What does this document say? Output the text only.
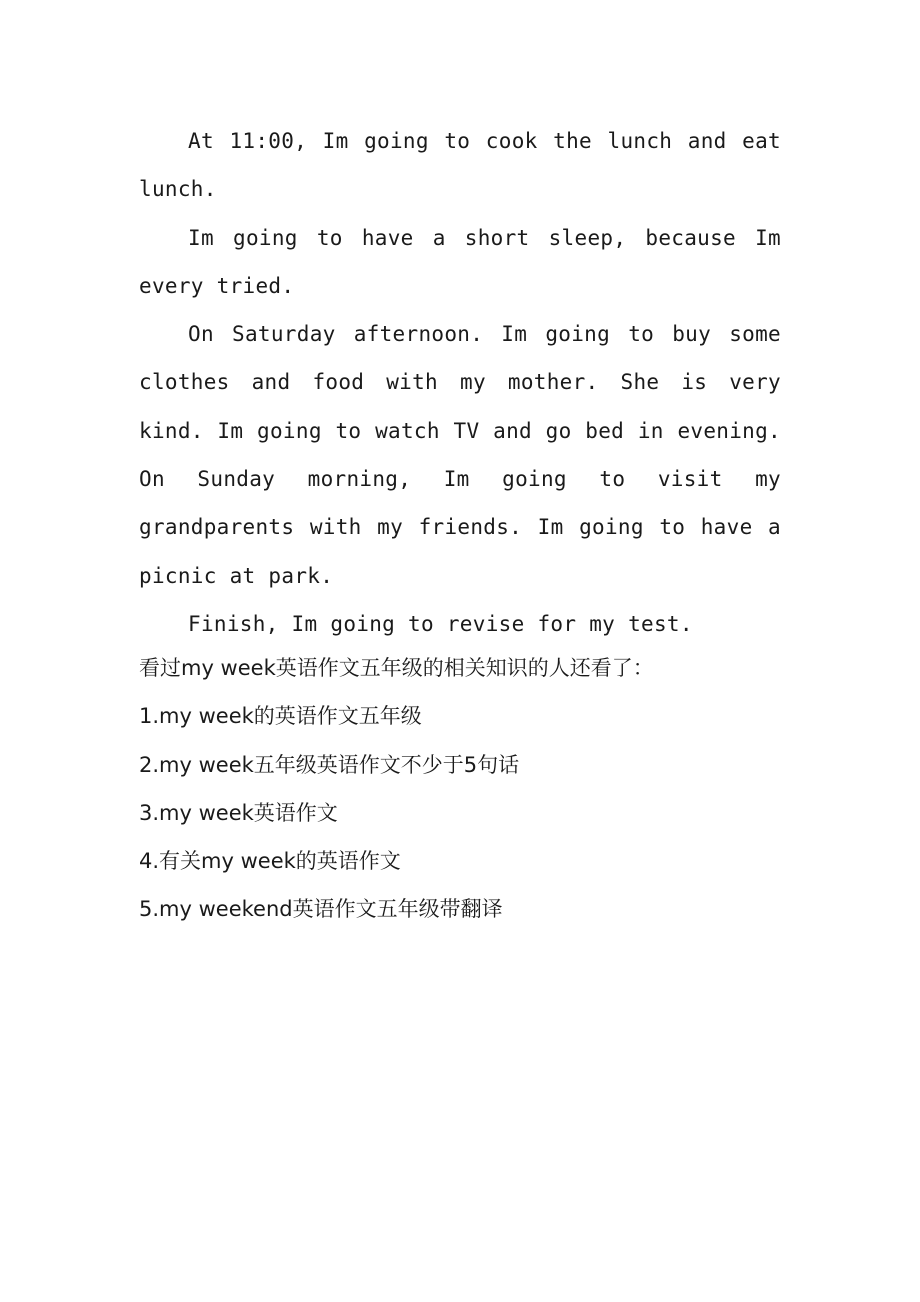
At 11:00, Im going to cook the lunch and eat lunch.

Im going to have a short sleep, because Im every tried.

On Saturday afternoon. Im going to buy some clothes and food with my mother. She is very kind. Im going to watch TV and go bed in evening. On Sunday morning, Im going to visit my grandparents with my friends. Im going to have a picnic at park.

Finish, Im going to revise for my test.

看过my week英语作文五年级的相关知识的人还看了：

1.my week的英语作文五年级
2.my week五年级英语作文不少于5句话
3.my week英语作文
4.有关my week的英语作文
5.my weekend英语作文五年级带翻译
